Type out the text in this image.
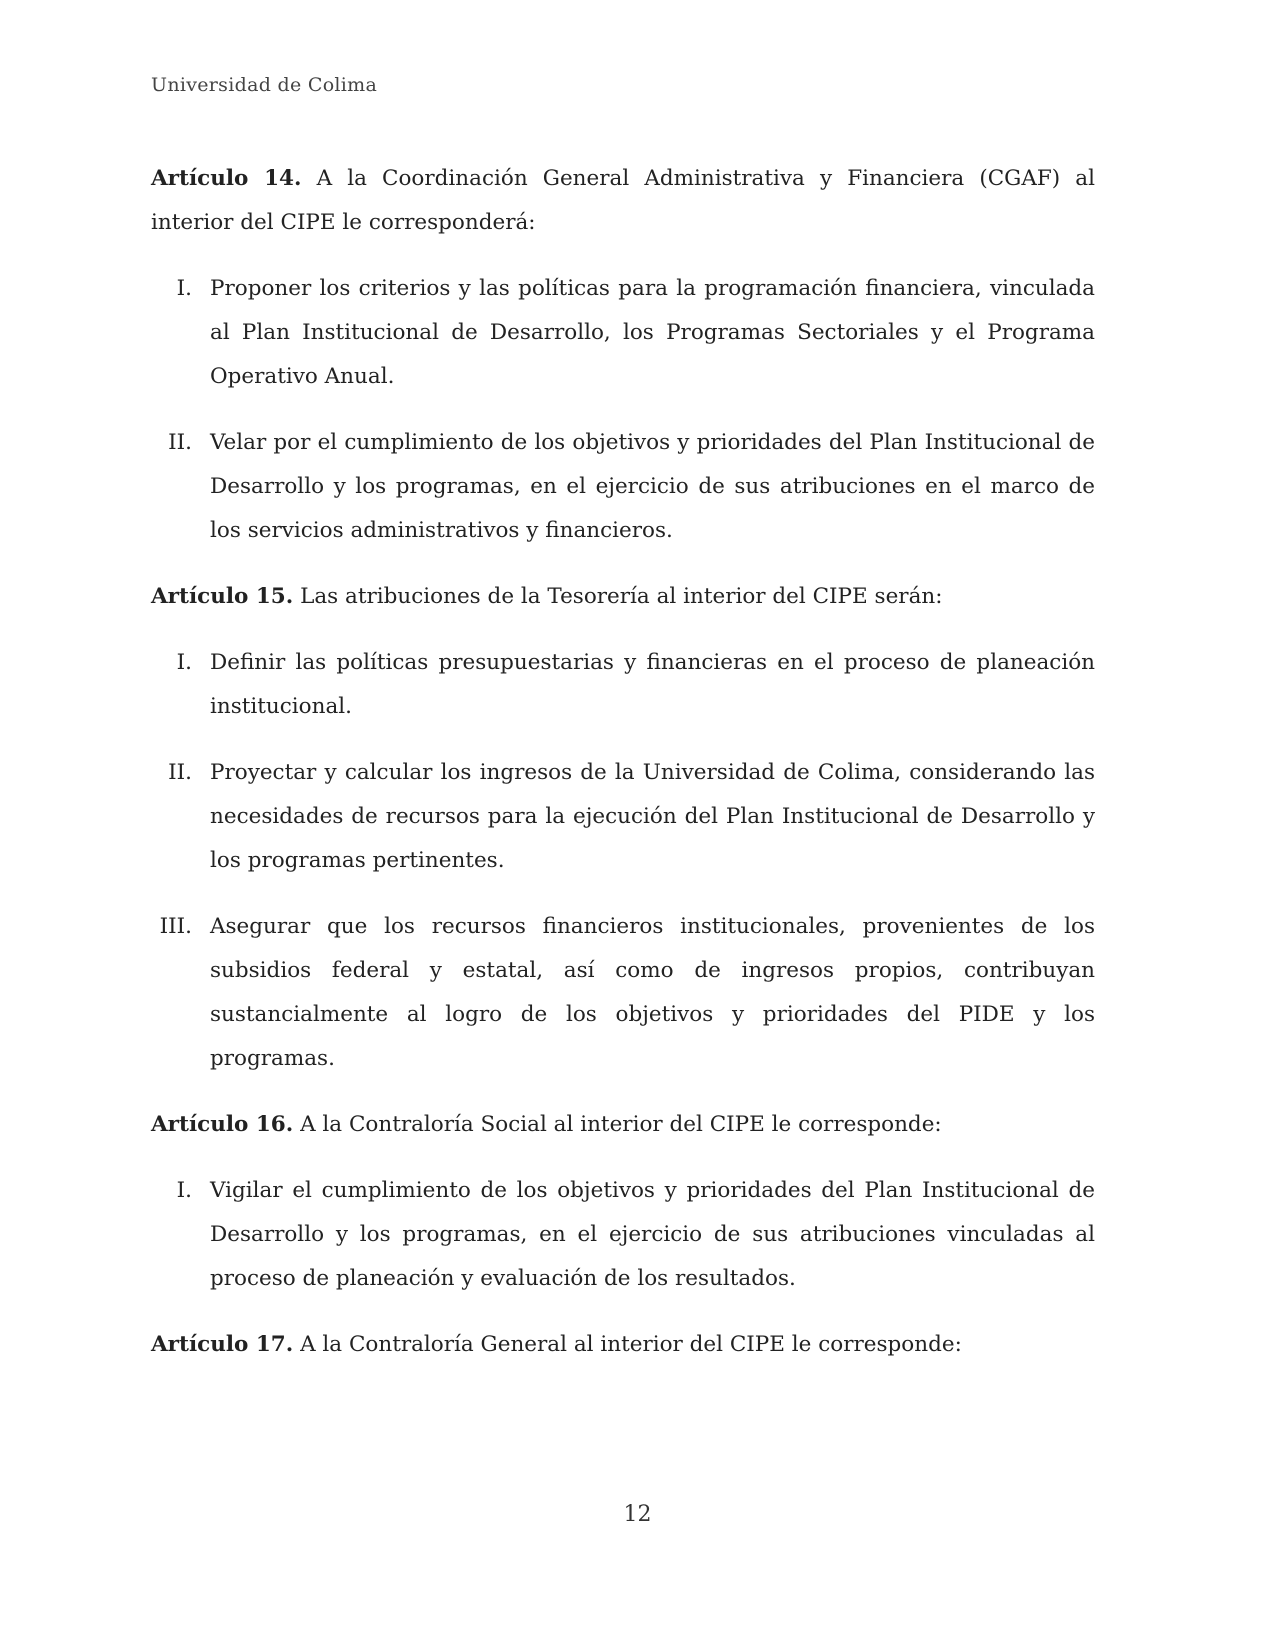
Universidad de Colima

Artículo 14. A la Coordinación General Administrativa y Financiera (CGAF) al interior del CIPE le corresponderá:

I. Proponer los criterios y las políticas para la programación financiera, vinculada al Plan Institucional de Desarrollo, los Programas Sectoriales y el Programa Operativo Anual.
II. Velar por el cumplimiento de los objetivos y prioridades del Plan Institucional de Desarrollo y los programas, en el ejercicio de sus atribuciones en el marco de los servicios administrativos y financieros.

Artículo 15. Las atribuciones de la Tesorería al interior del CIPE serán:

I. Definir las políticas presupuestarias y financieras en el proceso de planeación institucional.
II. Proyectar y calcular los ingresos de la Universidad de Colima, considerando las necesidades de recursos para la ejecución del Plan Institucional de Desarrollo y los programas pertinentes.
III. Asegurar que los recursos financieros institucionales, provenientes de los subsidios federal y estatal, así como de ingresos propios, contribuyan sustancialmente al logro de los objetivos y prioridades del PIDE y los programas.

Artículo 16. A la Contraloría Social al interior del CIPE le corresponde:

I. Vigilar el cumplimiento de los objetivos y prioridades del Plan Institucional de Desarrollo y los programas, en el ejercicio de sus atribuciones vinculadas al proceso de planeación y evaluación de los resultados.

Artículo 17. A la Contraloría General al interior del CIPE le corresponde:

12
